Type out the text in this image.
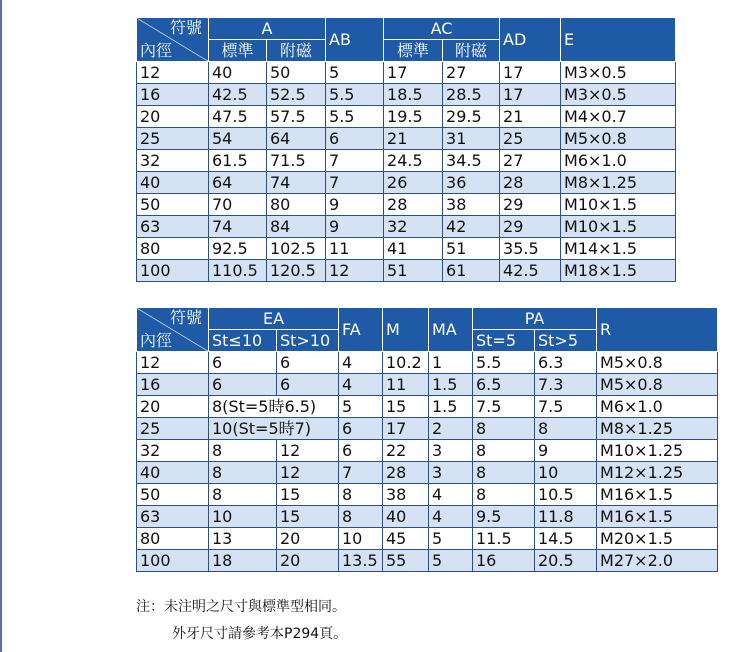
符號
內徑	A		AB	AC		AD	E
	標準	附磁		標準	附磁		
12	40	50	5	17	27	17	M3×0.5
16	42.5	52.5	5.5	18.5	28.5	17	M3×0.5
20	47.5	57.5	5.5	19.5	29.5	21	M4×0.7
25	54	64	6	21	31	25	M5×0.8
32	61.5	71.5	7	24.5	34.5	27	M6×1.0
40	64	74	7	26	36	28	M8×1.25
50	70	80	9	28	38	29	M10×1.5
63	74	84	9	32	42	29	M10×1.5
80	92.5	102.5	11	41	51	35.5	M14×1.5
100	110.5	120.5	12	51	61	42.5	M18×1.5
符號
內徑	EA		FA	M	MA	PA		R
	St≤10	St>10				St=5	St>5	
12	6	6	4	10.2	1	5.5	6.3	M5×0.8
16	6	6	4	11	1.5	6.5	7.3	M5×0.8
20	8(St=5時6.5)		5	15	1.5	7.5	7.5	M6×1.0
25	10(St=5時7)		6	17	2	8	8	M8×1.25
32	8	12	6	22	3	8	9	M10×1.25
40	8	12	7	28	3	8	10	M12×1.25
50	8	15	8	38	4	8	10.5	M16×1.5
63	10	15	8	40	4	9.5	11.8	M16×1.5
80	13	20	10	45	5	11.5	14.5	M20×1.5
100	18	20	13.5	55	5	16	20.5	M27×2.0
注：未注明之尺寸與標準型相同。
外牙尺寸請參考本P294頁。
